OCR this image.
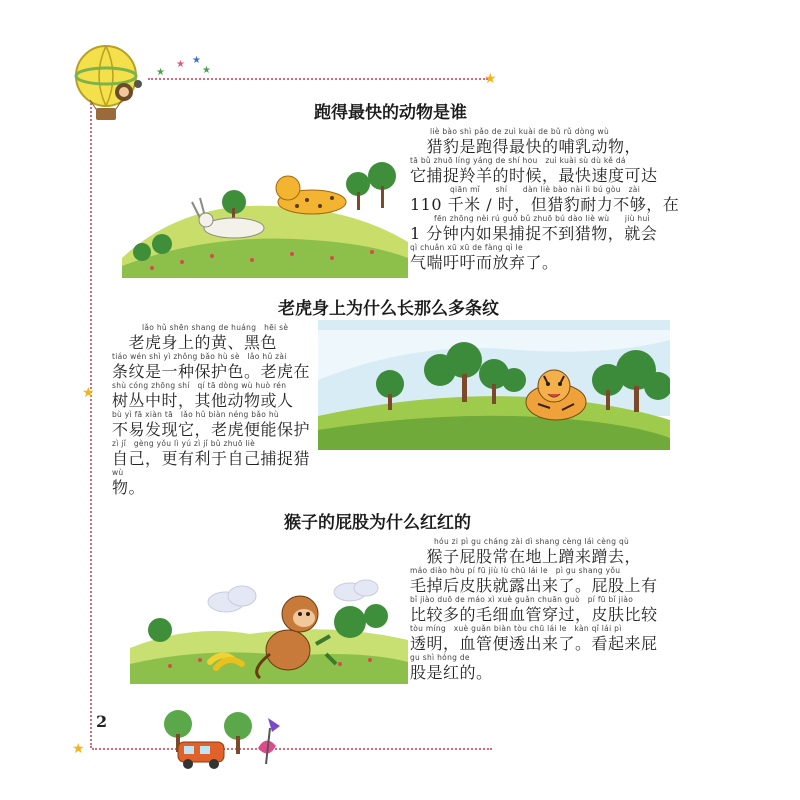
★
★
★
★ ★
★
★
跑得最快的动物是谁
liè bào shì pǎo de zuì kuài de bǔ rǔ dòng wù
　猎豹是跑得最快的哺乳动物，
tā bǔ zhuō líng yáng de shí hou　zuì kuài sù dù kě dá
它捕捉羚羊的时候，最快速度可达
qiān mǐ　　shí　　dàn liè bào nài lì bú gòu　zài
110 千米 / 时，但猎豹耐力不够，在
fēn zhōng nèi rú guǒ bǔ zhuō bú dào liè wù　　jiù huì
1 分钟内如果捕捉不到猎物，就会
qì chuǎn xū xū de fàng qì le
气喘吁吁而放弃了。
老虎身上为什么长那么多条纹
lǎo hǔ shēn shang de huáng　hēi sè
　老虎身上的黄、黑色
tiáo wén shì yì zhǒng bǎo hù sè　lǎo hǔ zài
条纹是一种保护色。老虎在
shù cóng zhōng shí　qí tā dòng wù huò rén
树丛中时，其他动物或人
bù yì fā xiàn tā　lǎo hǔ biàn néng bǎo hù
不易发现它，老虎便能保护
zì jǐ　gèng yǒu lì yú zì jǐ bǔ zhuō liè
自己，更有利于自己捕捉猎
wù
物。
猴子的屁股为什么红红的
hóu zi pì gu cháng zài dì shang cèng lái cèng qù
　猴子屁股常在地上蹭来蹭去，
máo diào hòu pí fū jiù lù chū lái le　pì gu shang yǒu
毛掉后皮肤就露出来了。屁股上有
bǐ jiào duō de máo xì xuè guǎn chuān guò　pí fū bǐ jiào
比较多的毛细血管穿过，皮肤比较
tòu míng　xuè guǎn biàn tòu chū lái le　kàn qǐ lái pì
透明，血管便透出来了。看起来屁
gu shì hóng de
股是红的。
2
